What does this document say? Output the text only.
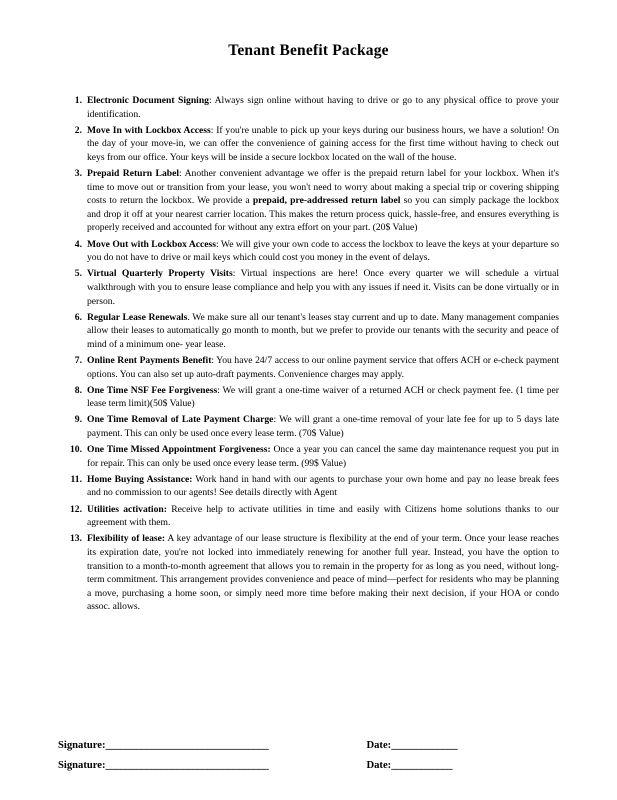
Tenant Benefit Package
1. Electronic Document Signing: Always sign online without having to drive or go to any physical office to prove your identification.
2. Move In with Lockbox Access: If you're unable to pick up your keys during our business hours, we have a solution! On the day of your move-in, we can offer the convenience of gaining access for the first time without having to check out keys from our office. Your keys will be inside a secure lockbox located on the wall of the house.
3. Prepaid Return Label: Another convenient advantage we offer is the prepaid return label for your lockbox. When it's time to move out or transition from your lease, you won't need to worry about making a special trip or covering shipping costs to return the lockbox. We provide a prepaid, pre-addressed return label so you can simply package the lockbox and drop it off at your nearest carrier location. This makes the return process quick, hassle-free, and ensures everything is properly received and accounted for without any extra effort on your part. (20$ Value)
4. Move Out with Lockbox Access: We will give your own code to access the lockbox to leave the keys at your departure so you do not have to drive or mail keys which could cost you money in the event of delays.
5. Virtual Quarterly Property Visits: Virtual inspections are here! Once every quarter we will schedule a virtual walkthrough with you to ensure lease compliance and help you with any issues if need it. Visits can be done virtually or in person.
6. Regular Lease Renewals. We make sure all our tenant's leases stay current and up to date. Many management companies allow their leases to automatically go month to month, but we prefer to provide our tenants with the security and peace of mind of a minimum one- year lease.
7. Online Rent Payments Benefit: You have 24/7 access to our online payment service that offers ACH or e-check payment options. You can also set up auto-draft payments. Convenience charges may apply.
8. One Time NSF Fee Forgiveness: We will grant a one-time waiver of a returned ACH or check payment fee. (1 time per lease term limit)(50$ Value)
9. One Time Removal of Late Payment Charge: We will grant a one-time removal of your late fee for up to 5 days late payment. This can only be used once every lease term. (70$ Value)
10. One Time Missed Appointment Forgiveness: Once a year you can cancel the same day maintenance request you put in for repair. This can only be used once every lease term. (99$ Value)
11. Home Buying Assistance: Work hand in hand with our agents to purchase your own home and pay no lease break fees and no commission to our agents! See details directly with Agent
12. Utilities activation: Receive help to activate utilities in time and easily with Citizens home solutions thanks to our agreement with them.
13. Flexibility of lease: A key advantage of our lease structure is flexibility at the end of your term. Once your lease reaches its expiration date, you're not locked into immediately renewing for another full year. Instead, you have the option to transition to a month-to-month agreement that allows you to remain in the property for as long as you need, without long-term commitment. This arrangement provides convenience and peace of mind—perfect for residents who may be planning a move, purchasing a home soon, or simply need more time before making their next decision, if your HOA or condo assoc. allows.
Signature: ________________________________	Date: _____________
Signature: ________________________________	Date: ____________
